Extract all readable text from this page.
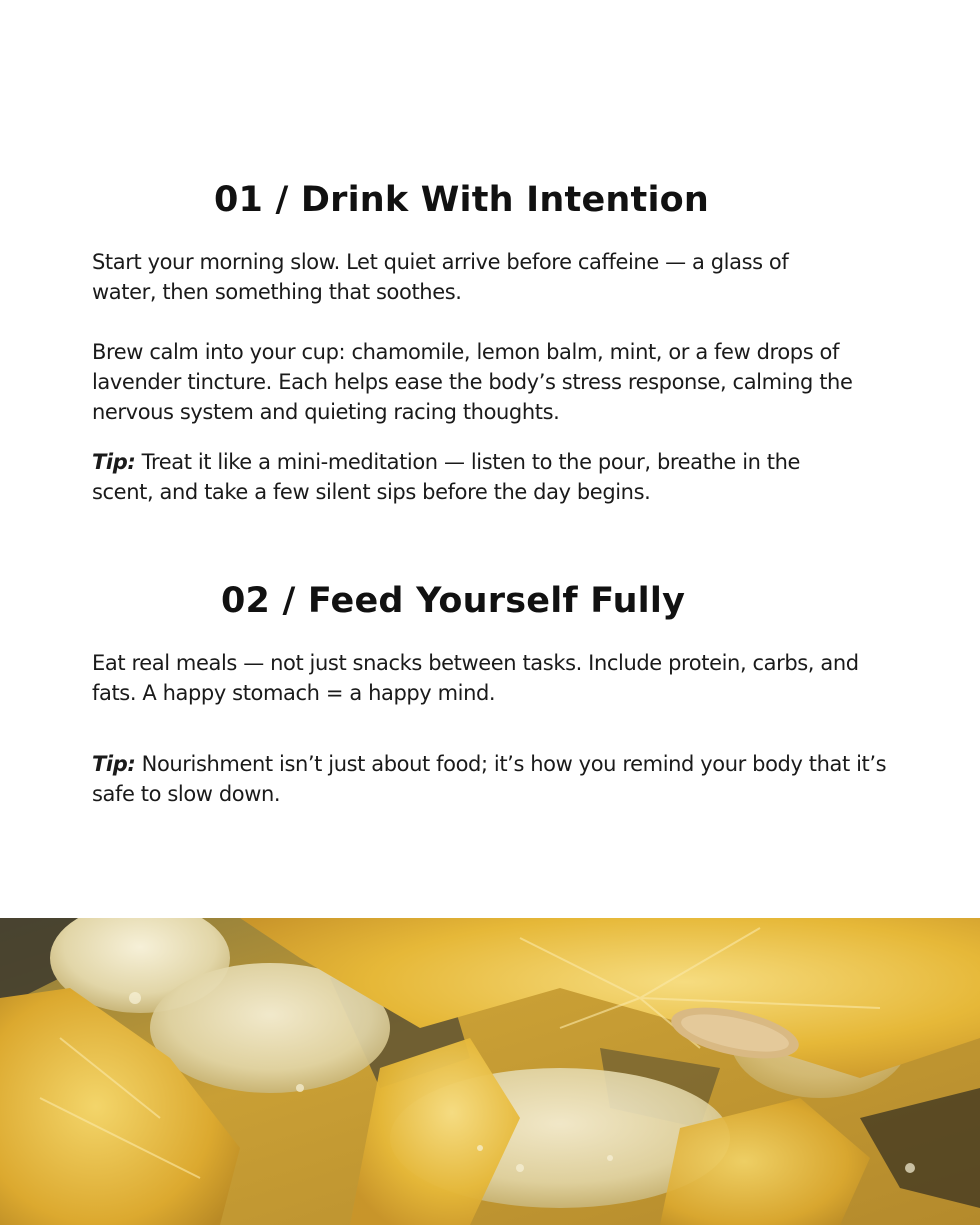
01 / Drink With Intention

Start your morning slow. Let quiet arrive before caffeine — a glass of water, then something that soothes.

Brew calm into your cup: chamomile, lemon balm, mint, or a few drops of lavender tincture. Each helps ease the body’s stress response, calming the nervous system and quieting racing thoughts.

Tip: Treat it like a mini-meditation — listen to the pour, breathe in the scent, and take a few silent sips before the day begins.

02 / Feed Yourself Fully

Eat real meals — not just snacks between tasks. Include protein, carbs, and fats. A happy stomach = a happy mind.

Tip: Nourishment isn’t just about food; it’s how you remind your body that it’s safe to slow down.
